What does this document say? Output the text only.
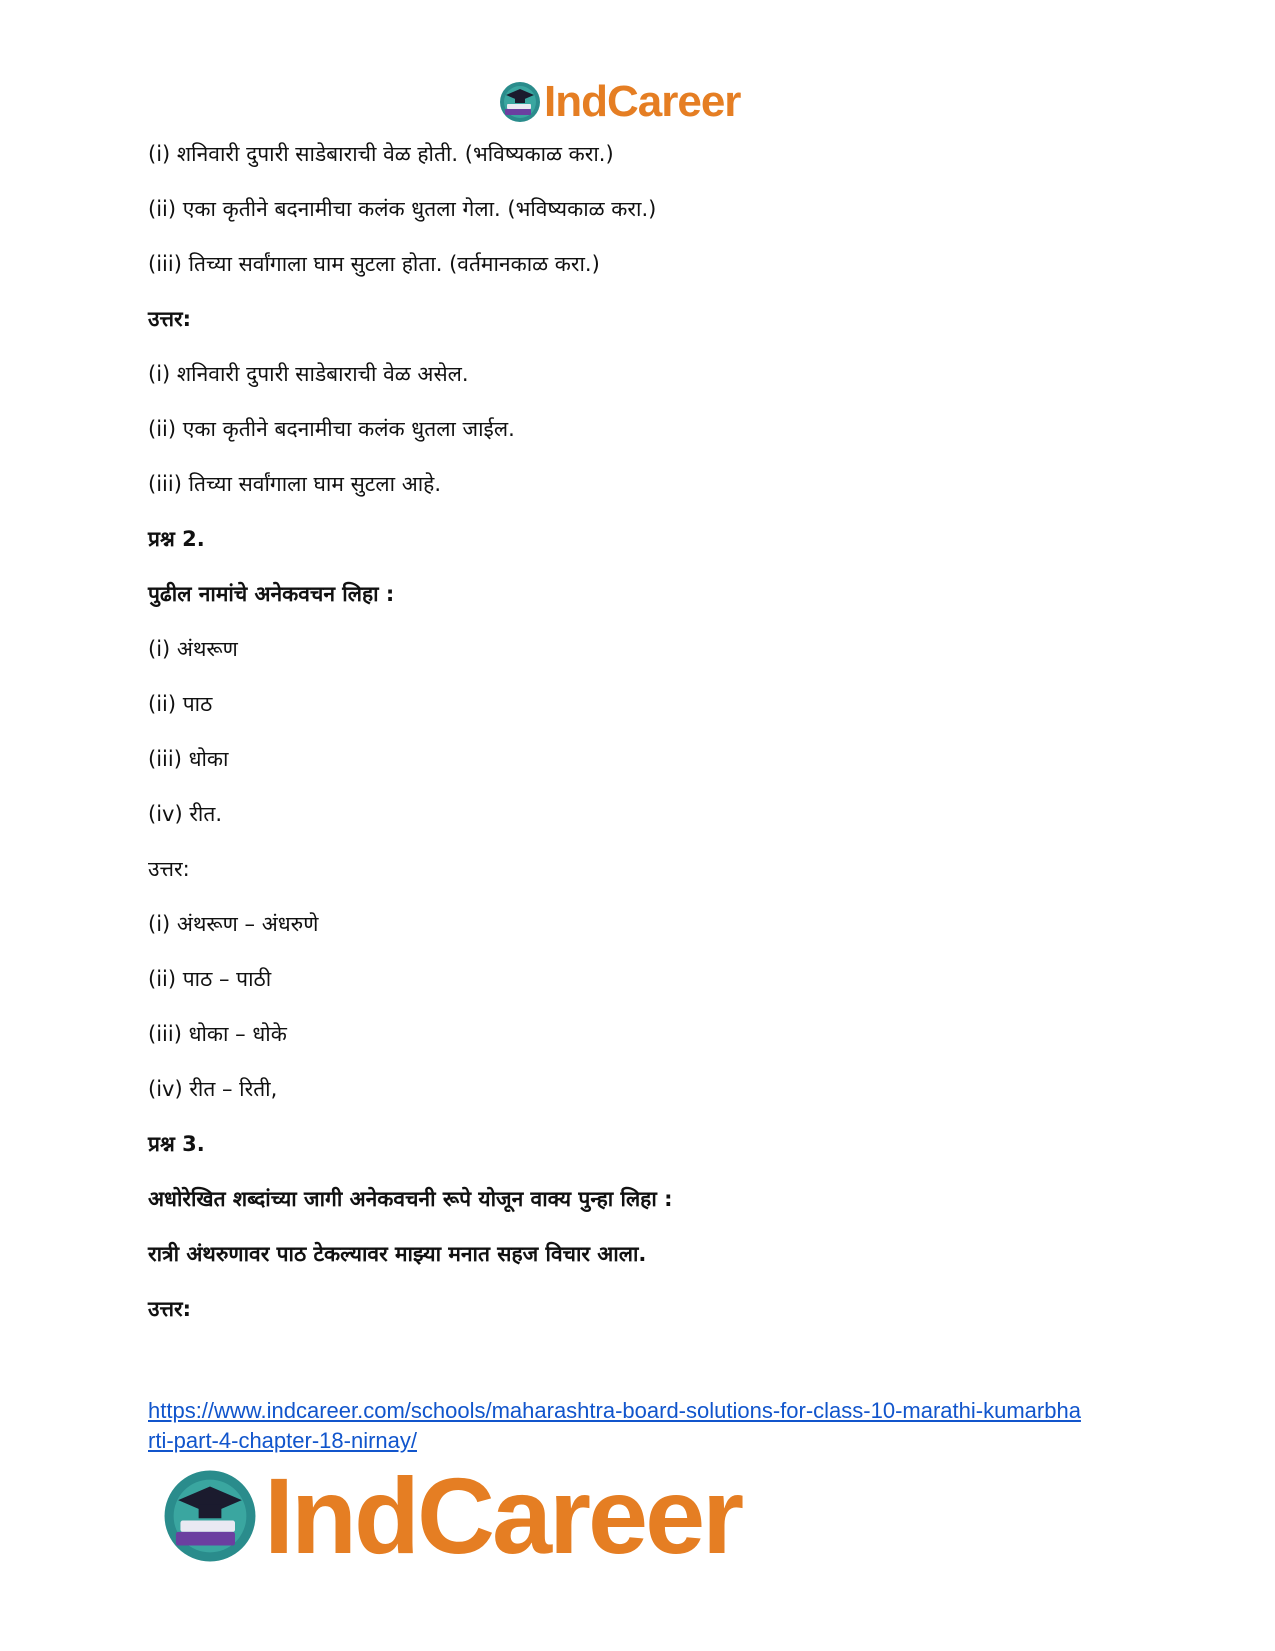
IndCareer

(i) शनिवारी दुपारी साडेबाराची वेळ होती. (भविष्यकाळ करा.)

(ii) एका कृतीने बदनामीचा कलंक धुतला गेला. (भविष्यकाळ करा.)

(iii) तिच्या सर्वांगाला घाम सुटला होता. (वर्तमानकाळ करा.)

उत्तर:

(i) शनिवारी दुपारी साडेबाराची वेळ असेल.

(ii) एका कृतीने बदनामीचा कलंक धुतला जाईल.

(iii) तिच्या सर्वांगाला घाम सुटला आहे.

प्रश्न 2.

पुढील नामांचे अनेकवचन लिहा :

(i) अंथरूण

(ii) पाठ

(iii) धोका

(iv) रीत.

उत्तर:

(i) अंथरूण – अंधरुणे

(ii) पाठ – पाठी

(iii) धोका – धोके

(iv) रीत – रिती,

प्रश्न 3.

अधोरेखित शब्दांच्या जागी अनेकवचनी रूपे योजून वाक्य पुन्हा लिहा :

रात्री अंथरुणावर पाठ टेकल्यावर माझ्या मनात सहज विचार आला.

उत्तर:

https://www.indcareer.com/schools/maharashtra-board-solutions-for-class-10-marathi-kumarbha
rti-part-4-chapter-18-nirnay/
IndCareer
